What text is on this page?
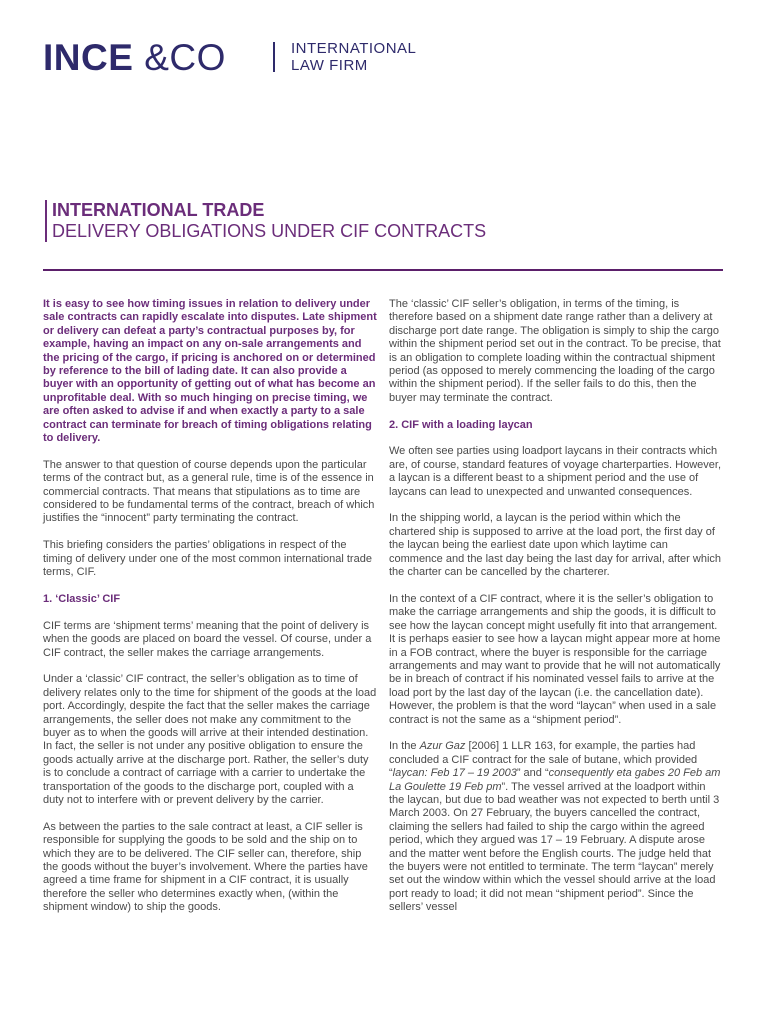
INCE &CO	INTERNATIONAL
LAW FIRM
INTERNATIONAL TRADE
DELIVERY OBLIGATIONS UNDER CIF CONTRACTS

It is easy to see how timing issues in relation to delivery under sale contracts can rapidly escalate into disputes. Late shipment or delivery can defeat a party’s contractual purposes by, for example, having an impact on any on-sale arrangements and the pricing of the cargo, if pricing is anchored on or determined by reference to the bill of lading date. It can also provide a buyer with an opportunity of getting out of what has become an unprofitable deal. With so much hinging on precise timing, we are often asked to advise if and when exactly a party to a sale contract can terminate for breach of timing obligations relating to delivery.

The answer to that question of course depends upon the particular terms of the contract but, as a general rule, time is of the essence in commercial contracts. That means that stipulations as to time are considered to be fundamental terms of the contract, breach of which justifies the “innocent” party terminating the contract.

This briefing considers the parties’ obligations in respect of the timing of delivery under one of the most common international trade terms, CIF.

1. ‘Classic’ CIF

CIF terms are ‘shipment terms’ meaning that the point of delivery is when the goods are placed on board the vessel. Of course, under a CIF contract, the seller makes the carriage arrangements.

Under a ‘classic’ CIF contract, the seller’s obligation as to time of delivery relates only to the time for shipment of the goods at the load port. Accordingly, despite the fact that the seller makes the carriage arrangements, the seller does not make any commitment to the buyer as to when the goods will arrive at their intended destination. In fact, the seller is not under any positive obligation to ensure the goods actually arrive at the discharge port. Rather, the seller’s duty is to conclude a contract of carriage with a carrier to undertake the transportation of the goods to the discharge port, coupled with a duty not to interfere with or prevent delivery by the carrier.

As between the parties to the sale contract at least, a CIF seller is responsible for supplying the goods to be sold and the ship on to which they are to be delivered. The CIF seller can, therefore, ship the goods without the buyer’s involvement. Where the parties have agreed a time frame for shipment in a CIF contract, it is usually therefore the seller who determines exactly when, (within the shipment window) to ship the goods.

The ‘classic’ CIF seller’s obligation, in terms of the timing, is therefore based on a shipment date range rather than a delivery at discharge port date range. The obligation is simply to ship the cargo within the shipment period set out in the contract. To be precise, that is an obligation to complete loading within the contractual shipment period (as opposed to merely commencing the loading of the cargo within the shipment period). If the seller fails to do this, then the buyer may terminate the contract.

2. CIF with a loading laycan

We often see parties using loadport laycans in their contracts which are, of course, standard features of voyage charterparties. However, a laycan is a different beast to a shipment period and the use of laycans can lead to unexpected and unwanted consequences.

In the shipping world, a laycan is the period within which the chartered ship is supposed to arrive at the load port, the first day of the laycan being the earliest date upon which laytime can commence and the last day being the last day for arrival, after which the charter can be cancelled by the charterer.

In the context of a CIF contract, where it is the seller’s obligation to make the carriage arrangements and ship the goods, it is difficult to see how the laycan concept might usefully fit into that arrangement. It is perhaps easier to see how a laycan might appear more at home in a FOB contract, where the buyer is responsible for the carriage arrangements and may want to provide that he will not automatically be in breach of contract if his nominated vessel fails to arrive at the load port by the last day of the laycan (i.e. the cancellation date). However, the problem is that the word “laycan” when used in a sale contract is not the same as a “shipment period”.

In the Azur Gaz [2006] 1 LLR 163, for example, the parties had concluded a CIF contract for the sale of butane, which provided “laycan: Feb 17 – 19 2003” and “consequently eta gabes 20 Feb am La Goulette 19 Feb pm”. The vessel arrived at the loadport within the laycan, but due to bad weather was not expected to berth until 3 March 2003. On 27 February, the buyers cancelled the contract, claiming the sellers had failed to ship the cargo within the agreed period, which they argued was 17 – 19 February. A dispute arose and the matter went before the English courts. The judge held that the buyers were not entitled to terminate. The term “laycan” merely set out the window within which the vessel should arrive at the load port ready to load; it did not mean “shipment period”. Since the sellers’ vessel
